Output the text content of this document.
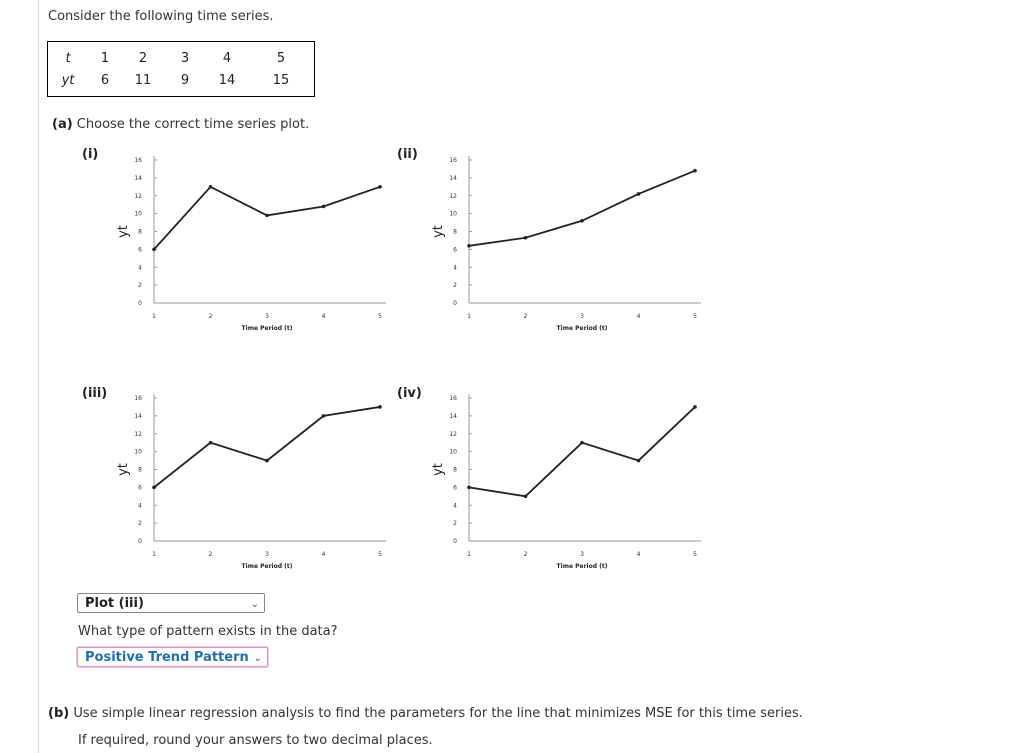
Consider the following time series.
t	1	2	3	4	5
yt	6	11	9	14	15
(a) Choose the correct time series plot.
(i)	(ii)
(iii)	(iv)
0
2
4
6
8
10
12
14
16
1	2	3	4	5
Time Period (t)
yt
0
2
4
6
8
10
12
14
16
1	2	3	4	5
Time Period (t)
yt
0
2
4
6
8
10
12
14
16
1	2	3	4	5
Time Period (t)
yt
0
2
4
6
8
10
12
14
16
1	2	3	4	5
Time Period (t)
yt
Plot (iii)	⌄
What type of pattern exists in the data?
Positive Trend Pattern ⌄
(b) Use simple linear regression analysis to find the parameters for the line that minimizes MSE for this time series.
If required, round your answers to two decimal places.
